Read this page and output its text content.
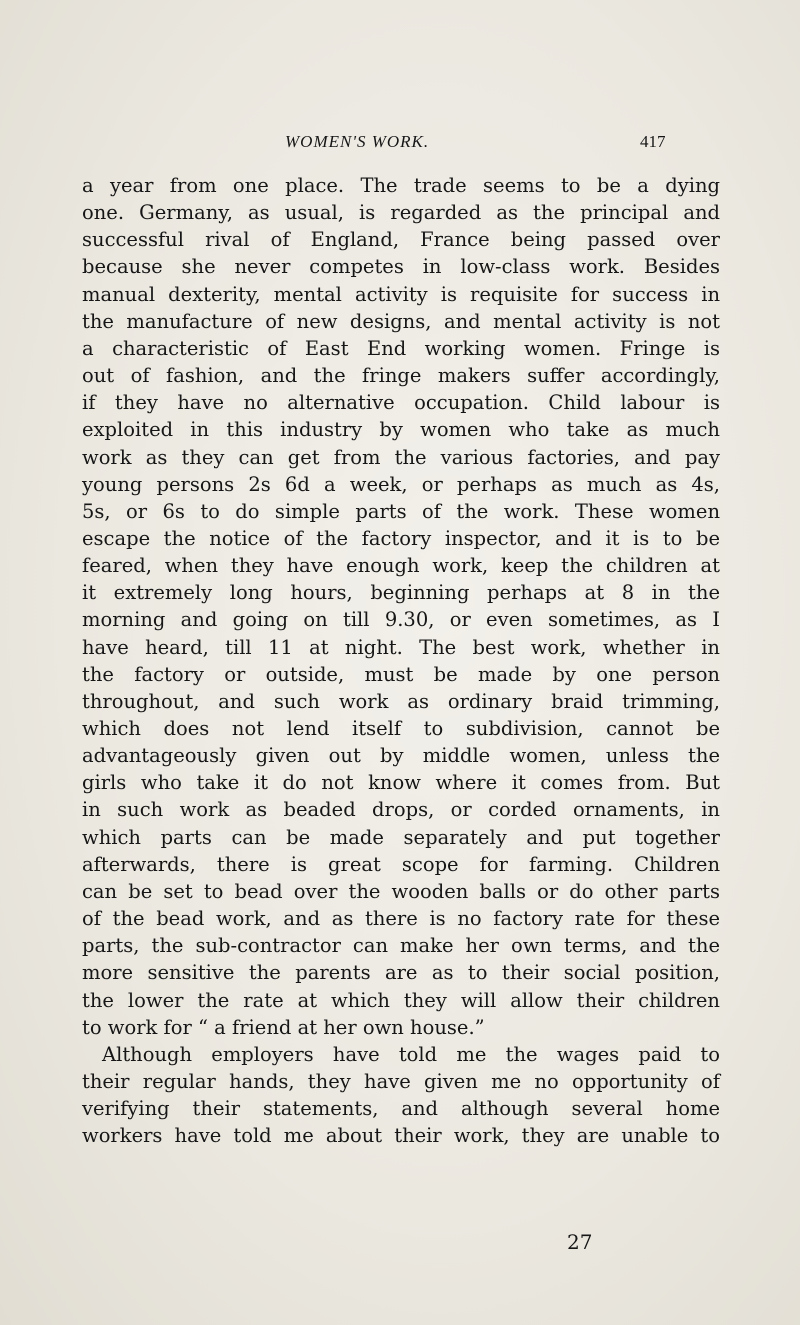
WOMEN'S WORK.	417
a year from one place. The trade seems to be a dying
one. Germany, as usual, is regarded as the principal and
successful rival of England, France being passed over
because she never competes in low-class work. Besides
manual dexterity, mental activity is requisite for success in
the manufacture of new designs, and mental activity is not
a characteristic of East End working women. Fringe is
out of fashion, and the fringe makers suffer accordingly,
if they have no alternative occupation. Child labour is
exploited in this industry by women who take as much
work as they can get from the various factories, and pay
young persons 2s 6d a week, or perhaps as much as 4s,
5s, or 6s to do simple parts of the work. These women
escape the notice of the factory inspector, and it is to be
feared, when they have enough work, keep the children at
it extremely long hours, beginning perhaps at 8 in the
morning and going on till 9.30, or even sometimes, as I
have heard, till 11 at night. The best work, whether in
the factory or outside, must be made by one person
throughout, and such work as ordinary braid trimming,
which does not lend itself to subdivision, cannot be
advantageously given out by middle women, unless the
girls who take it do not know where it comes from. But
in such work as beaded drops, or corded ornaments, in
which parts can be made separately and put together
afterwards, there is great scope for farming. Children
can be set to bead over the wooden balls or do other parts
of the bead work, and as there is no factory rate for these
parts, the sub-contractor can make her own terms, and the
more sensitive the parents are as to their social position,
the lower the rate at which they will allow their children
to work for “ a friend at her own house.”
Although employers have told me the wages paid to
their regular hands, they have given me no opportunity of
verifying their statements, and although several home
workers have told me about their work, they are unable to
27
